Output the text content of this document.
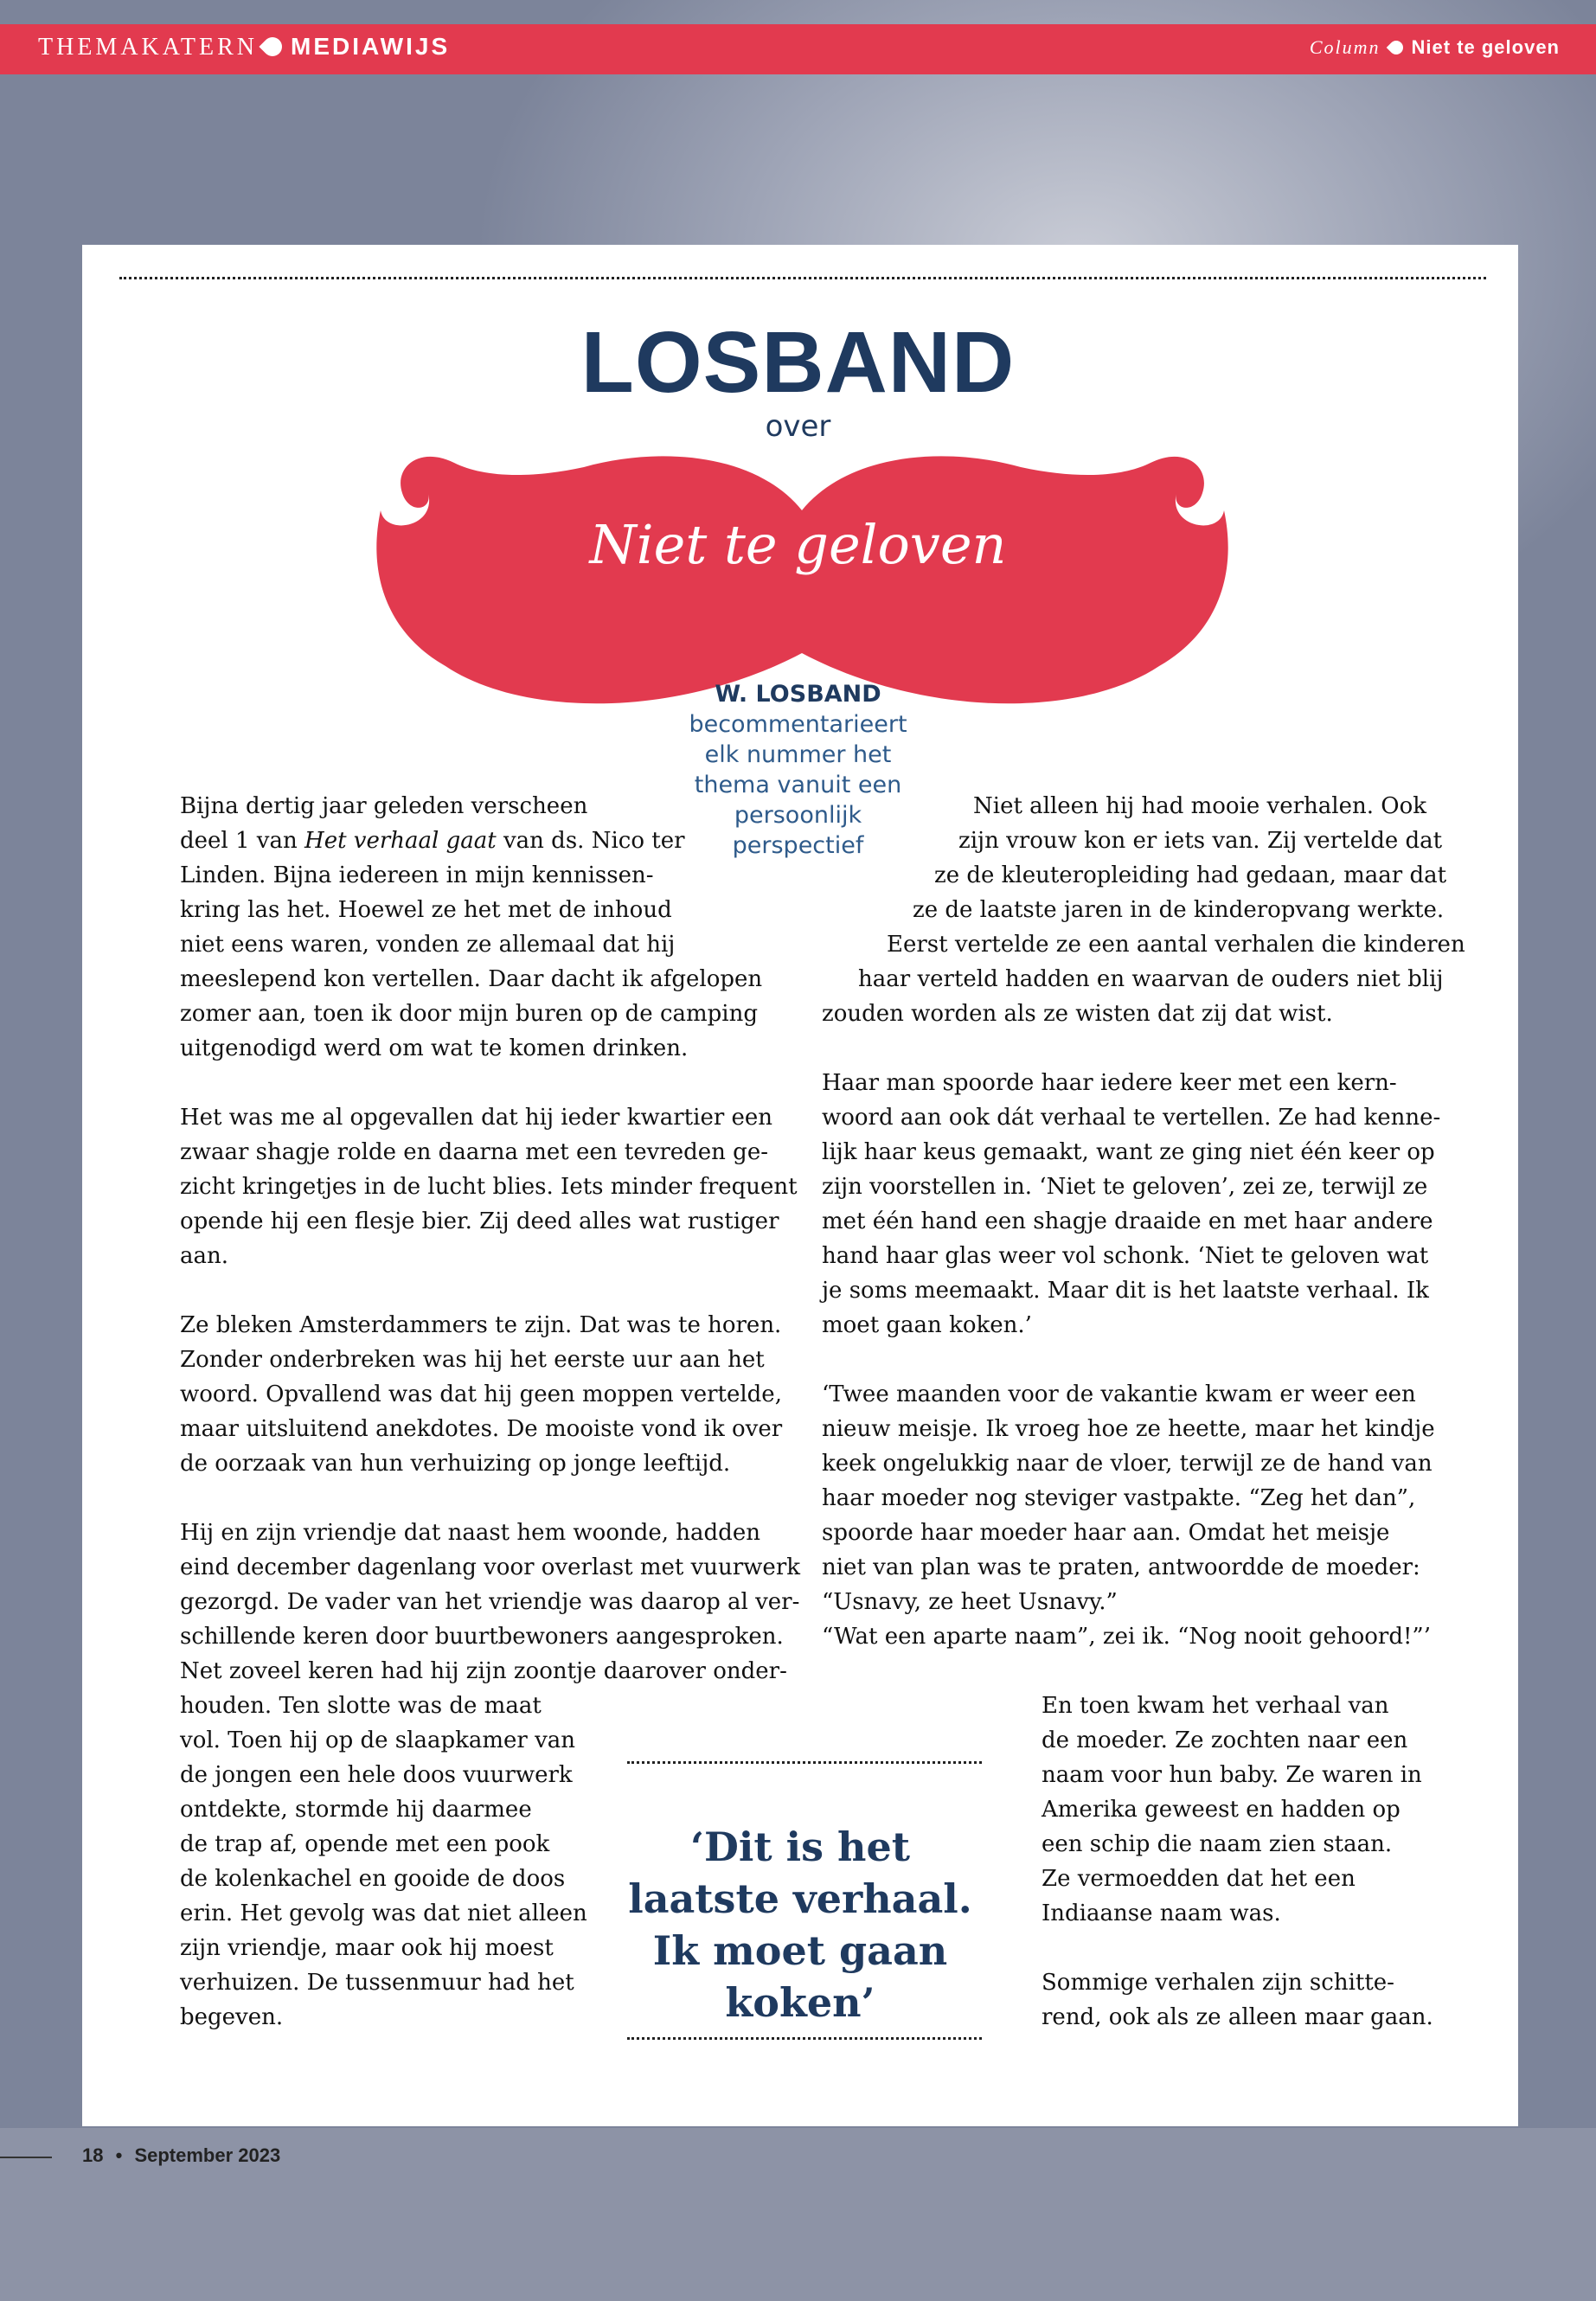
THEMAKATERN MEDIAWIJS	Column Niet te geloven
LOSBAND
over
Niet te geloven
W. LOSBAND
becommentarieert
elk nummer het
thema vanuit een
persoonlijk
perspectief

Bijna dertig jaar geleden verscheen
deel 1 van Het verhaal gaat van ds. Nico ter
Linden. Bijna iedereen in mijn kennissen-
kring las het. Hoewel ze het met de inhoud
niet eens waren, vonden ze allemaal dat hij
meeslepend kon vertellen. Daar dacht ik afgelopen
zomer aan, toen ik door mijn buren op de camping
uitgenodigd werd om wat te komen drinken.

Het was me al opgevallen dat hij ieder kwartier een
zwaar shagje rolde en daarna met een tevreden ge-
zicht kringetjes in de lucht blies. Iets minder frequent
opende hij een flesje bier. Zij deed alles wat rustiger
aan.

Ze bleken Amsterdammers te zijn. Dat was te horen.
Zonder onderbreken was hij het eerste uur aan het
woord. Opvallend was dat hij geen moppen vertelde,
maar uitsluitend anekdotes. De mooiste vond ik over
de oorzaak van hun verhuizing op jonge leeftijd.

Hij en zijn vriendje dat naast hem woonde, hadden
eind december dagenlang voor overlast met vuurwerk
gezorgd. De vader van het vriendje was daarop al ver-
schillende keren door buurtbewoners aangesproken.
Net zoveel keren had hij zijn zoontje daarover onder-
houden. Ten slotte was de maat
vol. Toen hij op de slaapkamer van
de jongen een hele doos vuurwerk
ontdekte, stormde hij daarmee
de trap af, opende met een pook
de kolenkachel en gooide de doos
erin. Het gevolg was dat niet alleen
zijn vriendje, maar ook hij moest
verhuizen. De tussenmuur had het
begeven.

Niet alleen hij had mooie verhalen. Ook
zijn vrouw kon er iets van. Zij vertelde dat
ze de kleuteropleiding had gedaan, maar dat
ze de laatste jaren in de kinderopvang werkte.
Eerst vertelde ze een aantal verhalen die kinderen
haar verteld hadden en waarvan de ouders niet blij
zouden worden als ze wisten dat zij dat wist.

Haar man spoorde haar iedere keer met een kern-
woord aan ook dát verhaal te vertellen. Ze had kenne-
lijk haar keus gemaakt, want ze ging niet één keer op
zijn voorstellen in. ‘Niet te geloven’, zei ze, terwijl ze
met één hand een shagje draaide en met haar andere
hand haar glas weer vol schonk. ‘Niet te geloven wat
je soms meemaakt. Maar dit is het laatste verhaal. Ik
moet gaan koken.’

‘Twee maanden voor de vakantie kwam er weer een
nieuw meisje. Ik vroeg hoe ze heette, maar het kindje
keek ongelukkig naar de vloer, terwijl ze de hand van
haar moeder nog steviger vastpakte. “Zeg het dan”,
spoorde haar moeder haar aan. Omdat het meisje
niet van plan was te praten, antwoordde de moeder:
“Usnavy, ze heet Usnavy.”
“Wat een aparte naam”, zei ik. “Nog nooit gehoord!”’

En toen kwam het verhaal van
de moeder. Ze zochten naar een
naam voor hun baby. Ze waren in
Amerika geweest en hadden op
een schip die naam zien staan.
Ze vermoedden dat het een
Indiaanse naam was.

Sommige verhalen zijn schitte-
rend, ook als ze alleen maar gaan.

‘Dit is het laatste verhaal. Ik moet gaan koken’
18 • September 2023
